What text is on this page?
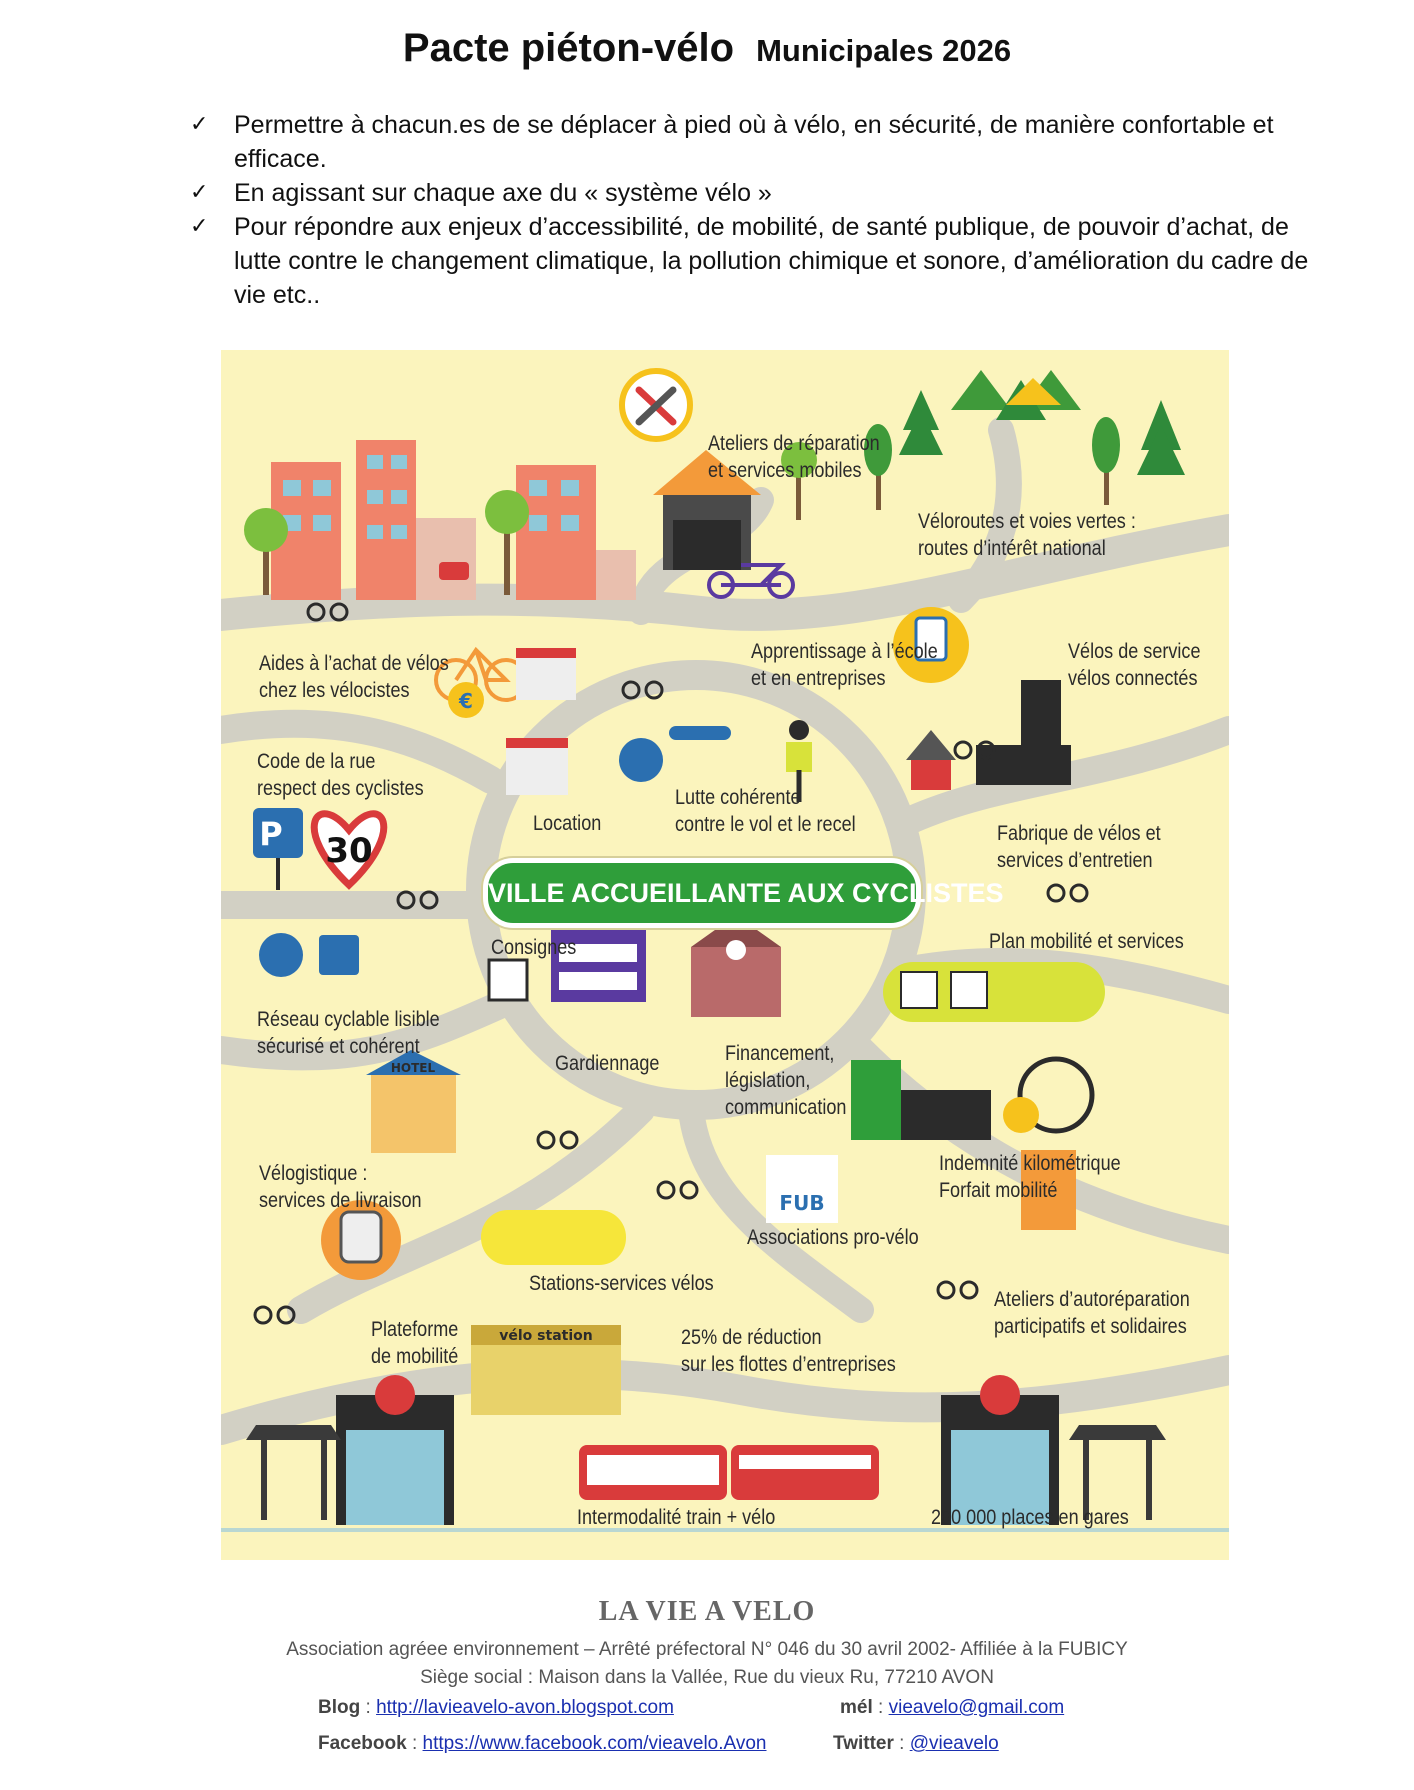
Pacte piéton-vélo Municipales 2026
✓ Permettre à chacun.es de se déplacer à pied où à vélo, en sécurité, de manière confortable et efficace.
✓ En agissant sur chaque axe du « système vélo »
✓ Pour répondre aux enjeux d’accessibilité, de mobilité, de santé publique, de pouvoir d’achat, de lutte contre le changement climatique, la pollution chimique et sonore, d’amélioration du cadre de vie etc..
€
P 30
HOTEL
FUB
vélo station
VILLE ACCUEILLANTE AUX CYCLISTES
Ateliers de réparation
et services mobiles
Véloroutes et voies vertes :
routes d’intérêt national
Aides à l’achat de vélos
chez les vélocistes
Apprentissage à l’école
et en entreprises
Vélos de service
vélos connectés
Code de la rue
respect des cyclistes
Location
Lutte cohérente
contre le vol et le recel	Fabrique de vélos et
services d’entretien
Consignes
Gardiennage
Plan mobilité et services
Réseau cyclable lisible
sécurisé et cohérent	Financement,
législation,
communication
Indemnité kilométrique
Forfait mobilité
Vélogistique :
services de livraison
Associations pro-vélo
Stations-services vélos
Ateliers d’autoréparation
participatifs et solidaires
Plateforme
de mobilité
25% de réduction
sur les flottes d’entreprises
Intermodalité train + vélo	200 000 places en gares
LA VIE A VELO
Association agréee environnement – Arrêté préfectoral N° 046 du 30 avril 2002- Affiliée à la FUBICY
Siège social : Maison dans la Vallée, Rue du vieux Ru, 77210 AVON
Blog : http://lavieavelo-avon.blogspot.com	mél : vieavelo@gmail.com
Facebook : https://www.facebook.com/vieavelo.Avon	Twitter : @vieavelo
